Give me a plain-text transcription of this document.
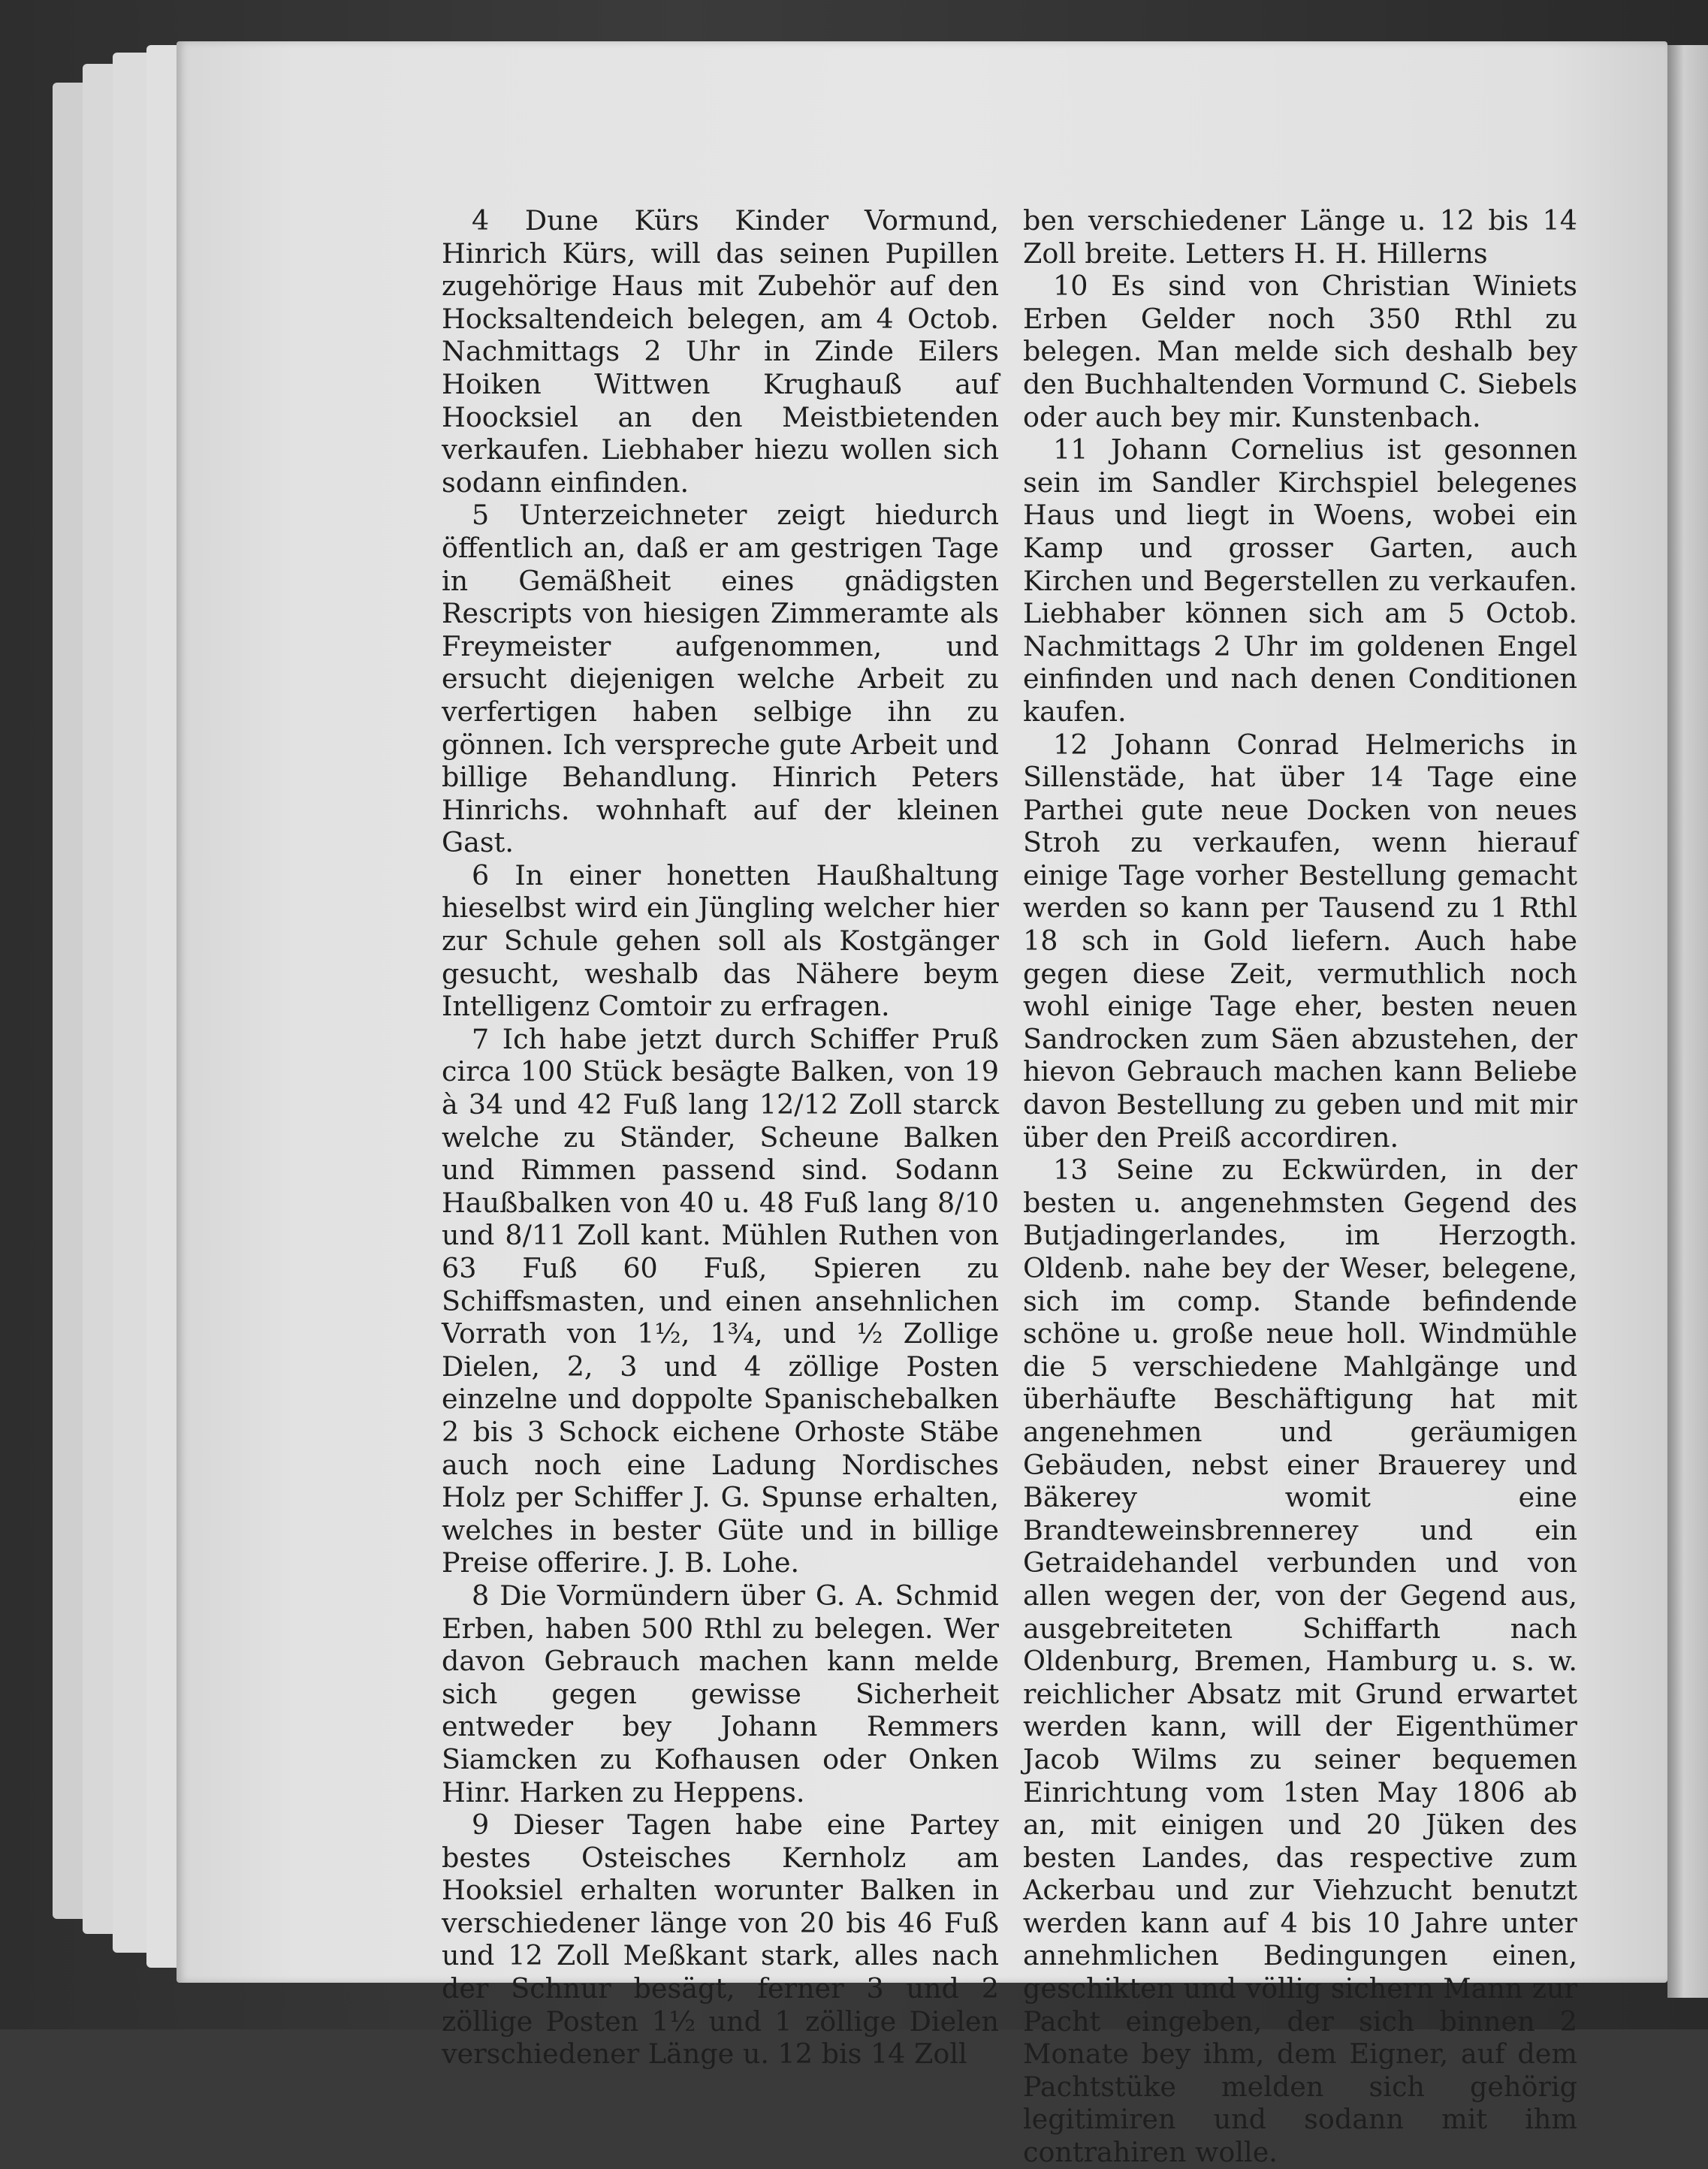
4 Dune Kürs Kinder Vormund, Hinrich Kürs, will das seinen Pupillen zugehörige Haus mit Zubehör auf den Hocksaltendeich belegen, am 4 Octob. Nachmittags 2 Uhr in Zinde Eilers Hoiken Wittwen Krughauß auf Hoocksiel an den Meistbietenden verkaufen. Liebhaber hiezu wollen sich sodann einfinden.

5 Unterzeichneter zeigt hiedurch öffentlich an, daß er am gestrigen Tage in Gemäßheit eines gnädigsten Rescripts von hiesigen Zimmeramte als Freymeister aufgenommen, und ersucht diejenigen welche Arbeit zu verfertigen haben selbige ihn zu gönnen. Ich verspreche gute Arbeit und billige Behandlung. Hinrich Peters Hinrichs. wohnhaft auf der kleinen Gast.

6 In einer honetten Haußhaltung hieselbst wird ein Jüngling welcher hier zur Schule gehen soll als Kostgänger gesucht, weshalb das Nähere beym Intelligenz Comtoir zu erfragen.

7 Ich habe jetzt durch Schiffer Pruß circa 100 Stück besägte Balken, von 19 à 34 und 42 Fuß lang 12/12 Zoll starck welche zu Ständer, Scheune Balken und Rimmen passend sind. Sodann Haußbalken von 40 u. 48 Fuß lang 8/10 und 8/11 Zoll kant. Mühlen Ruthen von 63 Fuß 60 Fuß, Spieren zu Schiffsmasten, und einen ansehnlichen Vorrath von 1½, 1¾, und ½ Zollige Dielen, 2, 3 und 4 zöllige Posten einzelne und doppolte Spanischebalken 2 bis 3 Schock eichene Orhoste Stäbe auch noch eine Ladung Nordisches Holz per Schiffer J. G. Spunse erhalten, welches in bester Güte und in billige Preise offerire. J. B. Lohe.

8 Die Vormündern über G. A. Schmid Erben, haben 500 Rthl zu belegen. Wer davon Gebrauch machen kann melde sich gegen gewisse Sicherheit entweder bey Johann Remmers Siamcken zu Kofhausen oder Onken Hinr. Harken zu Heppens.

9 Dieser Tagen habe eine Partey bestes Osteisches Kernholz am Hooksiel erhalten worunter Balken in verschiedener länge von 20 bis 46 Fuß und 12 Zoll Meßkant stark, alles nach der Schnur besägt, ferner 3 und 2 zöllige Posten 1½ und 1 zöllige Dielen verschiedener Länge u. 12 bis 14 Zoll

ben verschiedener Länge u. 12 bis 14 Zoll breite. Letters H. H. Hillerns

10 Es sind von Christian Winiets Erben Gelder noch 350 Rthl zu belegen. Man melde sich deshalb bey den Buchhaltenden Vormund C. Siebels oder auch bey mir. Kunstenbach.

11 Johann Cornelius ist gesonnen sein im Sandler Kirchspiel belegenes Haus und liegt in Woens, wobei ein Kamp und grosser Garten, auch Kirchen und Begerstellen zu verkaufen. Liebhaber können sich am 5 Octob. Nachmittags 2 Uhr im goldenen Engel einfinden und nach denen Conditionen kaufen.

12 Johann Conrad Helmerichs in Sillenstäde, hat über 14 Tage eine Parthei gute neue Docken von neues Stroh zu verkaufen, wenn hierauf einige Tage vorher Bestellung gemacht werden so kann per Tausend zu 1 Rthl 18 sch in Gold liefern. Auch habe gegen diese Zeit, vermuthlich noch wohl einige Tage eher, besten neuen Sandrocken zum Säen abzustehen, der hievon Gebrauch machen kann Beliebe davon Bestellung zu geben und mit mir über den Preiß accordiren.

13 Seine zu Eckwürden, in der besten u. angenehmsten Gegend des Butjadingerlandes, im Herzogth. Oldenb. nahe bey der Weser, belegene, sich im comp. Stande befindende schöne u. große neue holl. Windmühle die 5 verschiedene Mahlgänge und überhäufte Beschäftigung hat mit angenehmen und geräumigen Gebäuden, nebst einer Brauerey und Bäkerey womit eine Brandteweinsbrennerey und ein Getraidehandel verbunden und von allen wegen der, von der Gegend aus, ausgebreiteten Schiffarth nach Oldenburg, Bremen, Hamburg u. s. w. reichlicher Absatz mit Grund erwartet werden kann, will der Eigenthümer Jacob Wilms zu seiner bequemen Einrichtung vom 1sten May 1806 ab an, mit einigen und 20 Jüken des besten Landes, das respective zum Ackerbau und zur Viehzucht benutzt werden kann auf 4 bis 10 Jahre unter annehmlichen Bedingungen einen, geschikten und völlig sichern Mann zur Pacht eingeben, der sich binnen 2 Monate bey ihm, dem Eigner, auf dem Pachtstüke melden sich gehörig legitimiren und sodann mit ihm contrahiren wolle.
